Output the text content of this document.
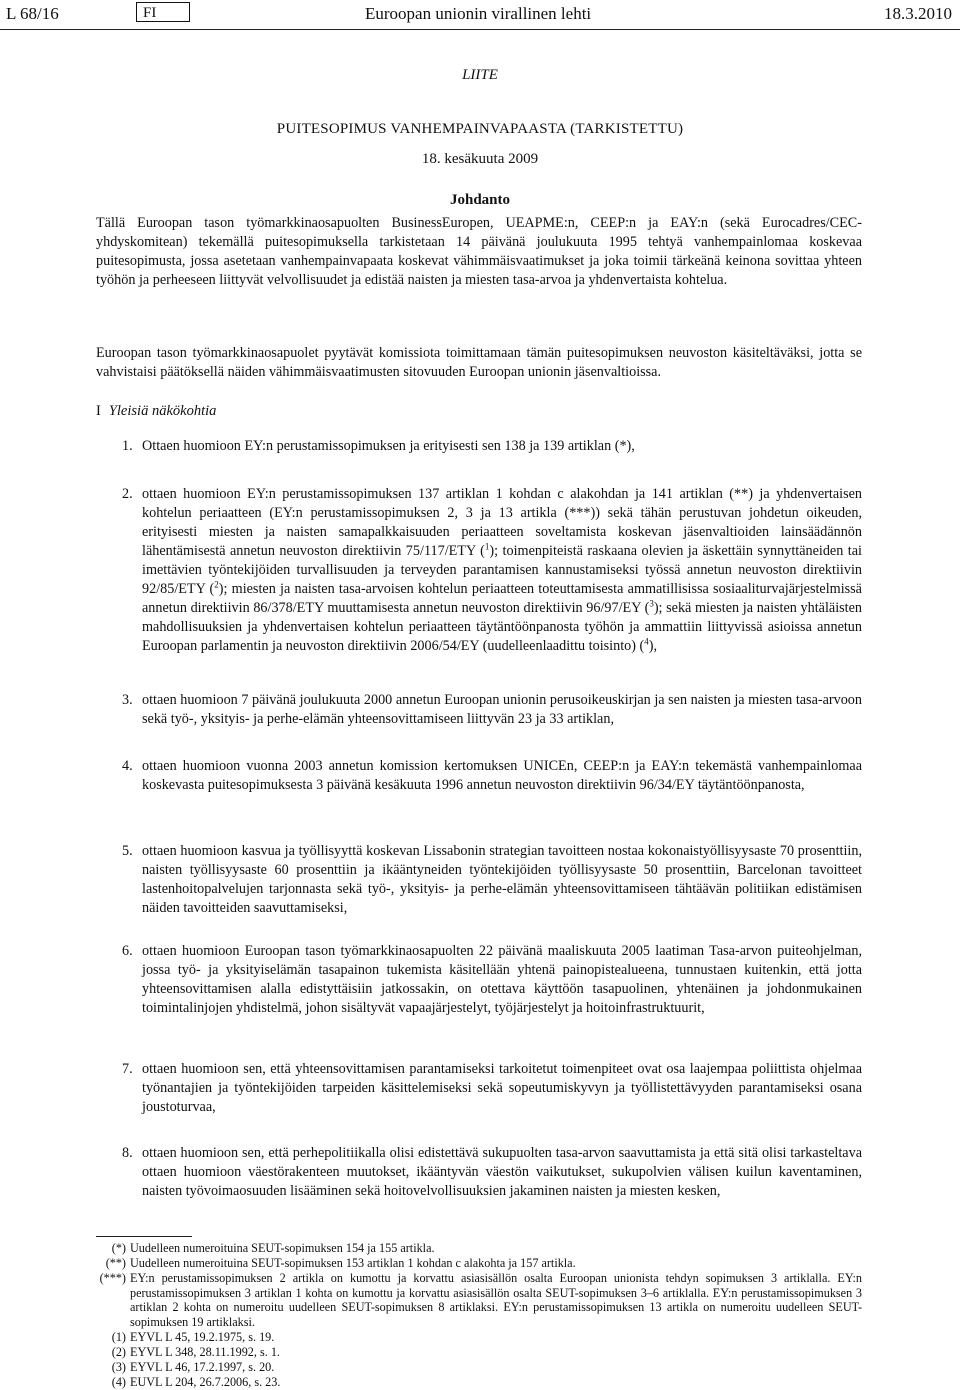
L 68/16	FI	Euroopan unionin virallinen lehti	18.3.2010
LIITE
PUITESOPIMUS VANHEMPAINVAPAASTA (TARKISTETTU)
18. kesäkuuta 2009
Johdanto
Tällä Euroopan tason työmarkkinaosapuolten BusinessEuropen, UEAPME:n, CEEP:n ja EAY:n (sekä Eurocadres/CEC-yhdyskomitean) tekemällä puitesopimuksella tarkistetaan 14 päivänä joulukuuta 1995 tehtyä vanhempainlomaa koskevaa puitesopimusta, jossa asetetaan vanhempainvapaata koskevat vähimmäisvaatimukset ja joka toimii tärkeänä keinona sovittaa yhteen työhön ja perheeseen liittyvät velvollisuudet ja edistää naisten ja miesten tasa-arvoa ja yhdenvertaista kohtelua.
Euroopan tason työmarkkinaosapuolet pyytävät komissiota toimittamaan tämän puitesopimuksen neuvoston käsiteltäväksi, jotta se vahvistaisi päätöksellä näiden vähimmäisvaatimusten sitovuuden Euroopan unionin jäsenvaltioissa.
I Yleisiä näkökohtia
1. Ottaen huomioon EY:n perustamissopimuksen ja erityisesti sen 138 ja 139 artiklan (*),
2. ottaen huomioon EY:n perustamissopimuksen 137 artiklan 1 kohdan c alakohdan ja 141 artiklan (**) ja yhdenvertaisen kohtelun periaatteen (EY:n perustamissopimuksen 2, 3 ja 13 artikla (***)) sekä tähän perustuvan johdetun oikeuden, erityisesti miesten ja naisten samapalkkaisuuden periaatteen soveltamista koskevan jäsenvaltioiden lainsäädännön lähentämisestä annetun neuvoston direktiivin 75/117/ETY ($^1$); toimenpiteistä raskaana olevien ja äskettäin synnyttäneiden tai imettävien työntekijöiden turvallisuuden ja terveyden parantamisen kannustamiseksi työssä annetun neuvoston direktiivin 92/85/ETY ($^2$); miesten ja naisten tasa-arvoisen kohtelun periaatteen toteuttamisesta ammatillisissa sosiaaliturvajärjestelmissä annetun direktiivin 86/378/ETY muuttamisesta annetun neuvoston direktiivin 96/97/EY ($^3$); sekä miesten ja naisten yhtäläisten mahdollisuuksien ja yhdenvertaisen kohtelun periaatteen täytäntöönpanosta työhön ja ammattiin liittyvissä asioissa annetun Euroopan parlamentin ja neuvoston direktiivin 2006/54/EY (uudelleenlaadittu toisinto) ($^4$),
3. ottaen huomioon 7 päivänä joulukuuta 2000 annetun Euroopan unionin perusoikeuskirjan ja sen naisten ja miesten tasa-arvoon sekä työ-, yksityis- ja perhe-elämän yhteensovittamiseen liittyvän 23 ja 33 artiklan,
4. ottaen huomioon vuonna 2003 annetun komission kertomuksen UNICEn, CEEP:n ja EAY:n tekemästä vanhempainlomaa koskevasta puitesopimuksesta 3 päivänä kesäkuuta 1996 annetun neuvoston direktiivin 96/34/EY täytäntöönpanosta,
5. ottaen huomioon kasvua ja työllisyyttä koskevan Lissabonin strategian tavoitteen nostaa kokonaistyöllisyysaste 70 prosenttiin, naisten työllisyysaste 60 prosenttiin ja ikääntyneiden työntekijöiden työllisyysaste 50 prosenttiin, Barcelonan tavoitteet lastenhoitopalvelujen tarjonnasta sekä työ-, yksityis- ja perhe-elämän yhteensovittamiseen tähtäävän politiikan edistämisen näiden tavoitteiden saavuttamiseksi,
6. ottaen huomioon Euroopan tason työmarkkinaosapuolten 22 päivänä maaliskuuta 2005 laatiman Tasa-arvon puiteohjelman, jossa työ- ja yksityiselämän tasapainon tukemista käsitellään yhtenä painopistealueena, tunnustaen kuitenkin, että jotta yhteensovittamisen alalla edistyttäisiin jatkossakin, on otettava käyttöön tasapuolinen, yhtenäinen ja johdonmukainen toimintalinjojen yhdistelmä, johon sisältyvät vapaajärjestelyt, työjärjestelyt ja hoitoinfrastruktuurit,
7. ottaen huomioon sen, että yhteensovittamisen parantamiseksi tarkoitetut toimenpiteet ovat osa laajempaa poliittista ohjelmaa työnantajien ja työntekijöiden tarpeiden käsittelemiseksi sekä sopeutumiskyvyn ja työllistettävyyden parantamiseksi osana joustoturvaa,
8. ottaen huomioon sen, että perhepolitiikalla olisi edistettävä sukupuolten tasa-arvon saavuttamista ja että sitä olisi tarkasteltava ottaen huomioon väestörakenteen muutokset, ikääntyvän väestön vaikutukset, sukupolvien välisen kuilun kaventaminen, naisten työvoimaosuuden lisääminen sekä hoitovelvollisuuksien jakaminen naisten ja miesten kesken,
(*) Uudelleen numeroituina SEUT-sopimuksen 154 ja 155 artikla.
(**) Uudelleen numeroituina SEUT-sopimuksen 153 artiklan 1 kohdan c alakohta ja 157 artikla.
(***) EY:n perustamissopimuksen 2 artikla on kumottu ja korvattu asiasisällön osalta Euroopan unionista tehdyn sopimuksen 3 artiklalla. EY:n perustamissopimuksen 3 artiklan 1 kohta on kumottu ja korvattu asiasisällön osalta SEUT-sopimuksen 3–6 artiklalla. EY:n perustamissopimuksen 3 artiklan 2 kohta on numeroitu uudelleen SEUT-sopimuksen 8 artiklaksi. EY:n perustamissopimuksen 13 artikla on numeroitu uudelleen SEUT-sopimuksen 19 artiklaksi.
(1) EYVL L 45, 19.2.1975, s. 19.
(2) EYVL L 348, 28.11.1992, s. 1.
(3) EYVL L 46, 17.2.1997, s. 20.
(4) EUVL L 204, 26.7.2006, s. 23.
